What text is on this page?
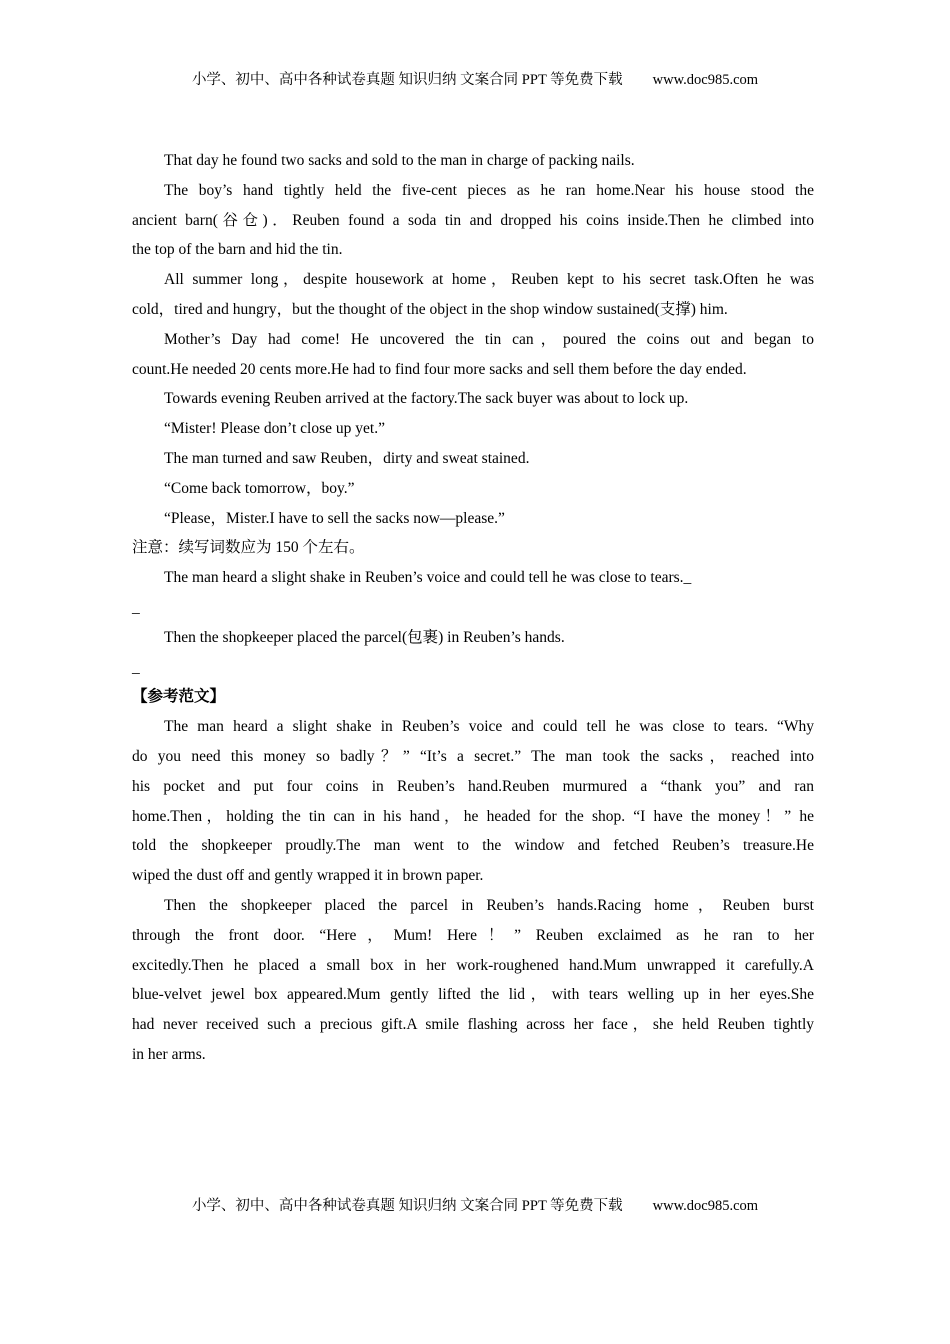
小学、初中、高中各种试卷真题 知识归纳 文案合同 PPT 等免费下载 www.doc985.com
That day he found two sacks and sold to the man in charge of packing nails.
The boy’s hand tightly held the five-cent pieces as he ran home.Near his house stood the
ancient barn(谷仓)．Reuben found a soda tin and dropped his coins inside.Then he climbed into
the top of the barn and hid the tin.
All summer long，despite housework at home，Reuben kept to his secret task.Often he was
cold，tired and hungry，but the thought of the object in the shop window sustained(支撑) him.
Mother’s Day had come! He uncovered the tin can，poured the coins out and began to
count.He needed 20 cents more.He had to find four more sacks and sell them before the day ended.
Towards evening Reuben arrived at the factory.The sack buyer was about to lock up.
“Mister! Please don’t close up yet.”
The man turned and saw Reuben，dirty and sweat stained.
“Come back tomorrow，boy.”
“Please，Mister.I have to sell the sacks now—please.”
注意：续写词数应为 150 个左右。
The man heard a slight shake in Reuben’s voice and could tell he was close to tears._
_
Then the shopkeeper placed the parcel(包裹) in Reuben’s hands.
_
【参考范文】
The man heard a slight shake in Reuben’s voice and could tell he was close to tears. “Why
do you need this money so badly？” “It’s a secret.” The man took the sacks，reached into
his pocket and put four coins in Reuben’s hand.Reuben murmured a “thank you” and ran
home.Then，holding the tin can in his hand，he headed for the shop. “I have the money！” he
told the shopkeeper proudly.The man went to the window and fetched Reuben’s treasure.He
wiped the dust off and gently wrapped it in brown paper.
Then the shopkeeper placed the parcel in Reuben’s hands.Racing home，Reuben burst
through the front door. “Here，Mum! Here！” Reuben exclaimed as he ran to her
excitedly.Then he placed a small box in her work-roughened hand.Mum unwrapped it carefully.A
blue-velvet jewel box appeared.Mum gently lifted the lid，with tears welling up in her eyes.She
had never received such a precious gift.A smile flashing across her face，she held Reuben tightly
in her arms.
小学、初中、高中各种试卷真题 知识归纳 文案合同 PPT 等免费下载 www.doc985.com
